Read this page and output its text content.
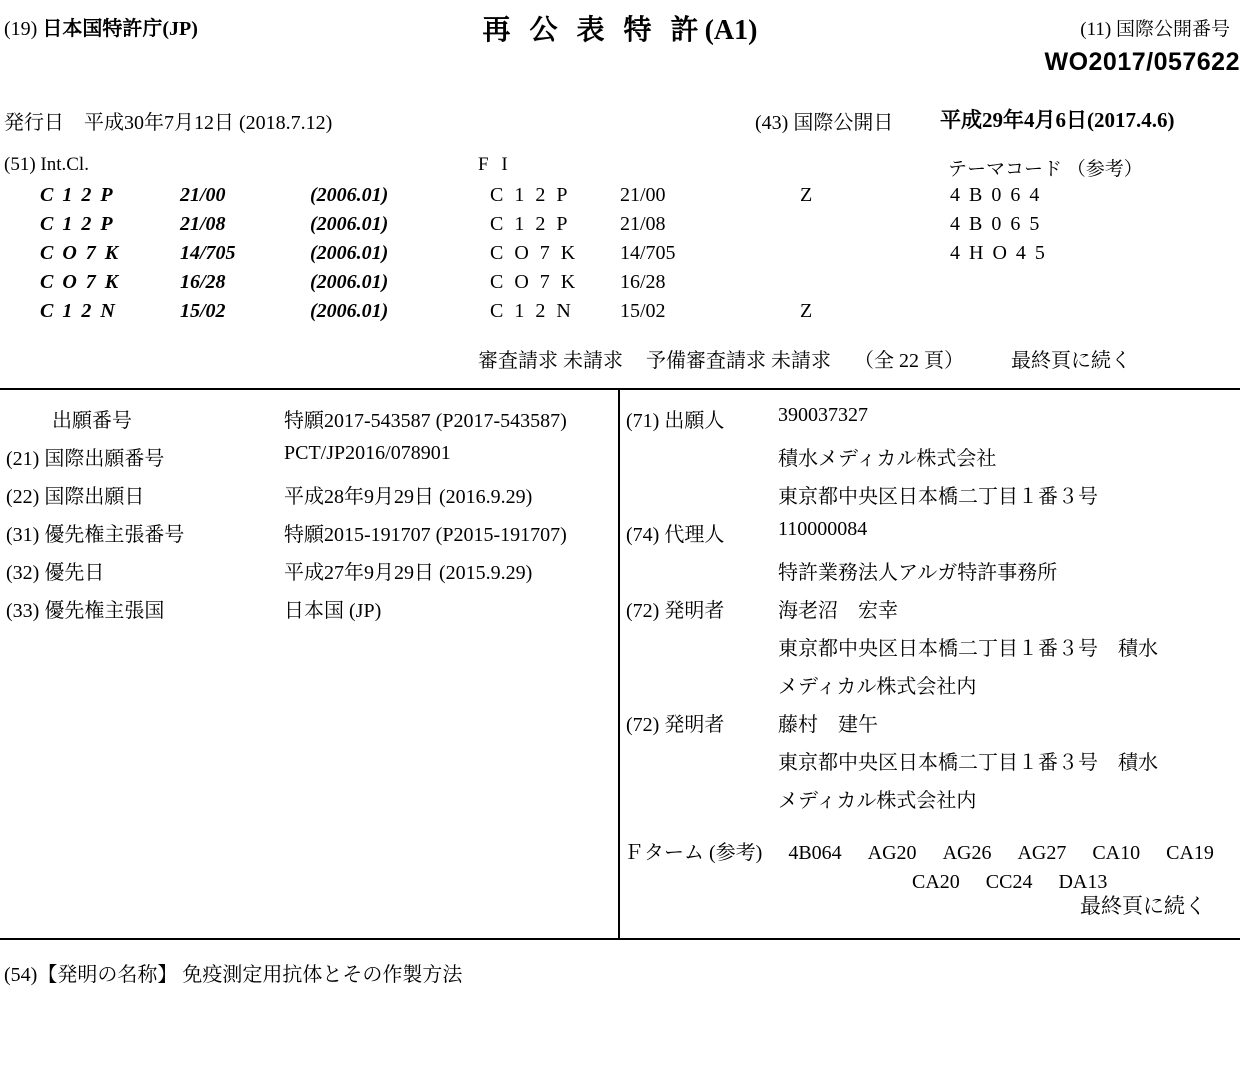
(19) 日本国特許庁(JP)	再 公 表 特 許(A1)	(11) 国際公開番号
WO2017/057622
発行日 平成30年7月12日 (2018.7.12)	(43) 国際公開日 平成29年4月6日(2017.4.6)
(51) Int.Cl.	F I	テーマコード （参考）
C 1 2 P	21/00	(2006.01)	C 1 2 P	21/00	Z	4 B 0 6 4
C 1 2 P	21/08	(2006.01)	C 1 2 P	21/08		4 B 0 6 5
C O 7 K	14/705	(2006.01)	C O 7 K	14/705		4 H O 4 5
C O 7 K	16/28	(2006.01)	C O 7 K	16/28		
C 1 2 N	15/02	(2006.01)	C 1 2 N	15/02	Z	
審査請求 未請求 予備審査請求 未請求 （全 22 頁） 最終頁に続く
出願番号	特願2017-543587 (P2017-543587)
(21) 国際出願番号	PCT/JP2016/078901
(22) 国際出願日	平成28年9月29日 (2016.9.29)
(31) 優先権主張番号	特願2015-191707 (P2015-191707)
(32) 優先日	平成27年9月29日 (2015.9.29)
(33) 優先権主張国	日本国 (JP)
(71) 出願人	390037327
	積水メディカル株式会社
	東京都中央区日本橋二丁目１番３号
(74) 代理人	110000084
	特許業務法人アルガ特許事務所
(72) 発明者	海老沼　宏幸
	東京都中央区日本橋二丁目１番３号　積水
	メディカル株式会社内
(72) 発明者	藤村　建午
	東京都中央区日本橋二丁目１番３号　積水
	メディカル株式会社内
Ｆターム (参考) 4B064 AG20 AG26 AG27 CA10 CA19
CA20 CC24 DA13
最終頁に続く
(54)【発明の名称】 免疫測定用抗体とその作製方法
